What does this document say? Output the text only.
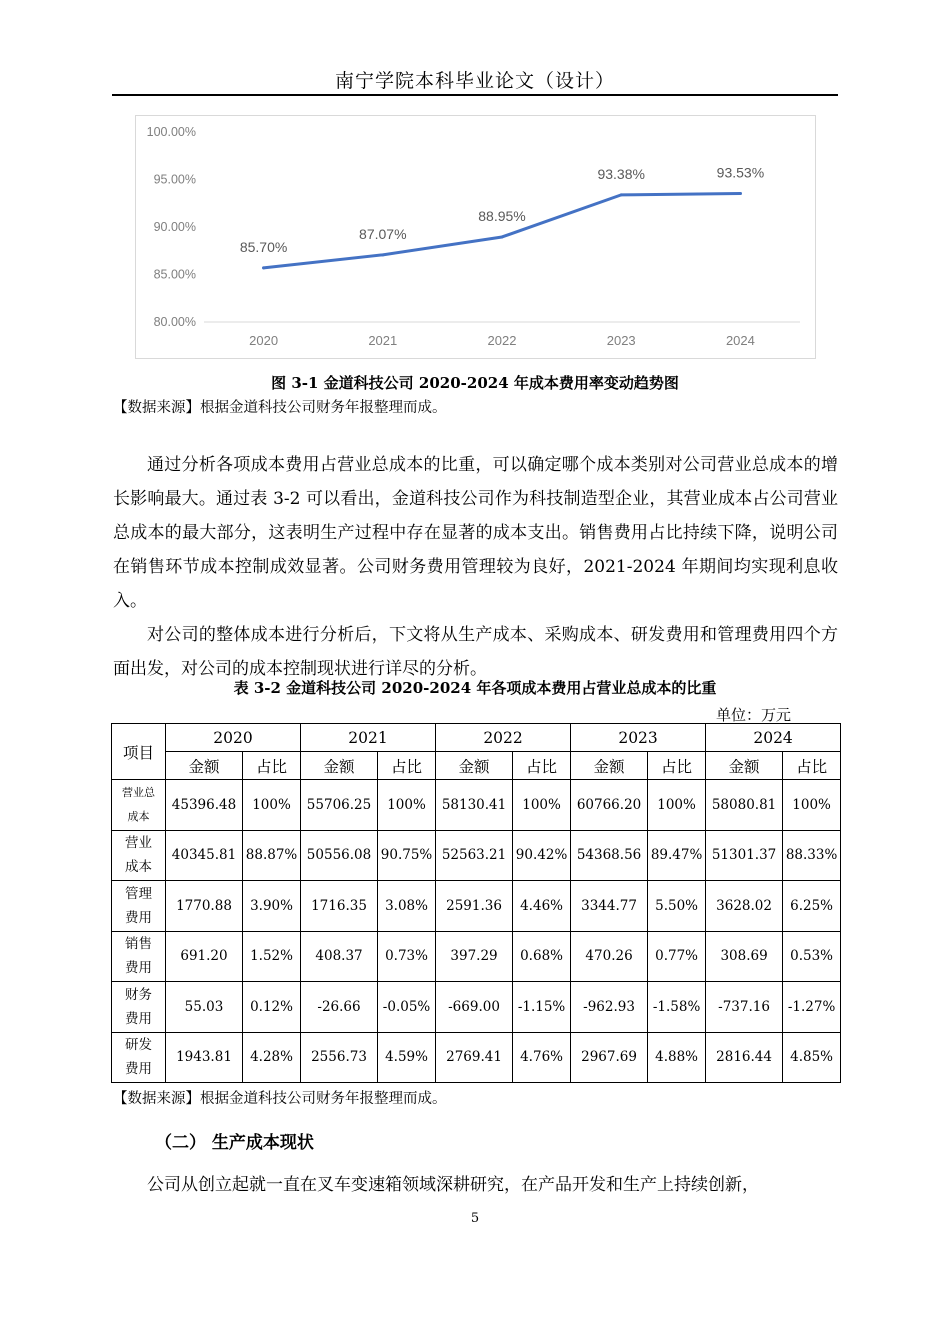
南宁学院本科毕业论文（设计）
100.00%
95.00%
90.00%
85.00%
80.00%
2020	2021	2022	2023	2024
85.70%
87.07%
88.95%
93.38%	93.53%
图 3-1 金道科技公司 2020-2024 年成本费用率变动趋势图
【数据来源】根据金道科技公司财务年报整理而成。

通过分析各项成本费用占营业总成本的比重，可以确定哪个成本类别对公司营业总成本的增长影响最大。通过表 3-2 可以看出，金道科技公司作为科技制造型企业，其营业成本占公司营业总成本的最大部分，这表明生产过程中存在显著的成本支出。销售费用占比持续下降，说明公司在销售环节成本控制成效显著。公司财务费用管理较为良好，2021-2024 年期间均实现利息收入。

对公司的整体成本进行分析后，下文将从生产成本、采购成本、研发费用和管理费用四个方面出发，对公司的成本控制现状进行详尽的分析。

表 3-2 金道科技公司 2020-2024 年各项成本费用占营业总成本的比重
单位：万元
项目	2020		2021		2022		2023		2024	
	金额	占比	金额	占比	金额	占比	金额	占比	金额	占比

营业总
成本	45396.48	100%	55706.25	100%	58130.41	100%	60766.20	100%	58080.81	100%

营业
成本	40345.81	88.87%	50556.08	90.75%	52563.21	90.42%	54368.56	89.47%	51301.37	88.33%

管理
费用	1770.88	3.90%	1716.35	3.08%	2591.36	4.46%	3344.77	5.50%	3628.02	6.25%

销售
费用	691.20	1.52%	408.37	0.73%	397.29	0.68%	470.26	0.77%	308.69	0.53%

财务
费用	55.03	0.12%	-26.66	-0.05%	-669.00	-1.15%	-962.93	-1.58%	-737.16	-1.27%

研发
费用	1943.81	4.28%	2556.73	4.59%	2769.41	4.76%	2967.69	4.88%	2816.44	4.85%
【数据来源】根据金道科技公司财务年报整理而成。
（二） 生产成本现状
公司从创立起就一直在叉车变速箱领域深耕研究，在产品开发和生产上持续创新，
5
